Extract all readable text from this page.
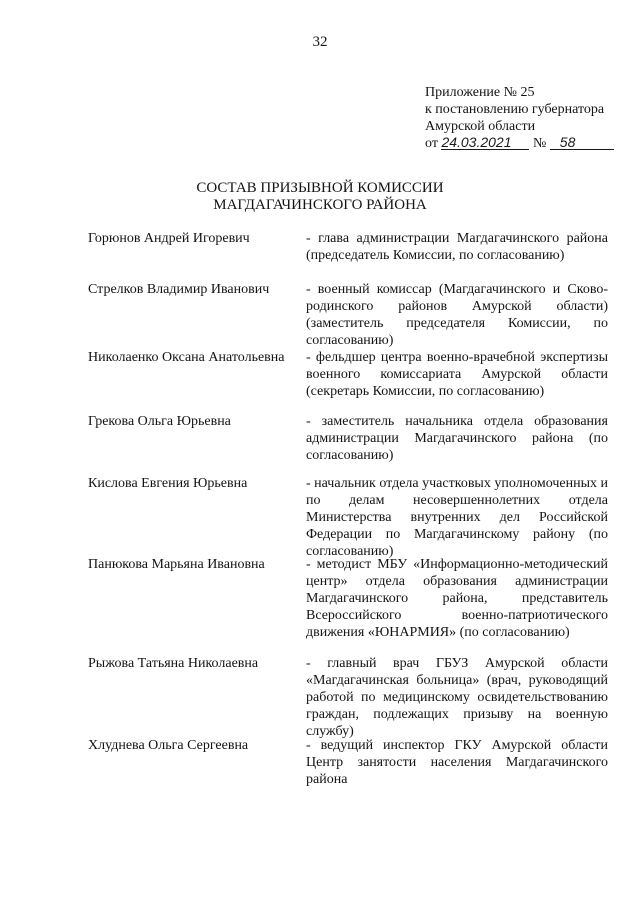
32
Приложение № 25
к постановлению губернатора
Амурской области
от 24.03.2021 № 58
СОСТАВ ПРИЗЫВНОЙ КОМИССИИ
МАГДАГАЧИНСКОГО РАЙОНА
Горюнов Андрей Игоревич	- глава администрации Магдагачинского района (председатель Комиссии, по согласованию)
Стрелков Владимир Иванович	- военный комиссар (Магдагачинского и Сково-родинского районов Амурской области) (заместитель председателя Комиссии, по согласованию)
Николаенко Оксана Анатольевна	- фельдшер центра военно-врачебной экспертизы военного комиссариата Амурской области (секретарь Комиссии, по согласованию)
Грекова Ольга Юрьевна	- заместитель начальника отдела образования администрации Магдагачинского района (по согласованию)
Кислова Евгения Юрьевна	- начальник отдела участковых уполномоченных и по делам несовершеннолетних отдела Министерства внутренних дел Российской Федерации по Магдагачинскому району (по согласованию)
Панюкова Марьяна Ивановна	- методист МБУ «Информационно-методический центр» отдела образования администрации Магдагачинского района, представитель Всероссийского военно-патриотического движения «ЮНАРМИЯ» (по согласованию)
Рыжова Татьяна Николаевна	- главный врач ГБУЗ Амурской области «Магдагачинская больница» (врач, руководящий работой по медицинскому освидетельствованию граждан, подлежащих призыву на военную службу)
Хлуднева Ольга Сергеевна	- ведущий инспектор ГКУ Амурской области Центр занятости населения Магдагачинского района
